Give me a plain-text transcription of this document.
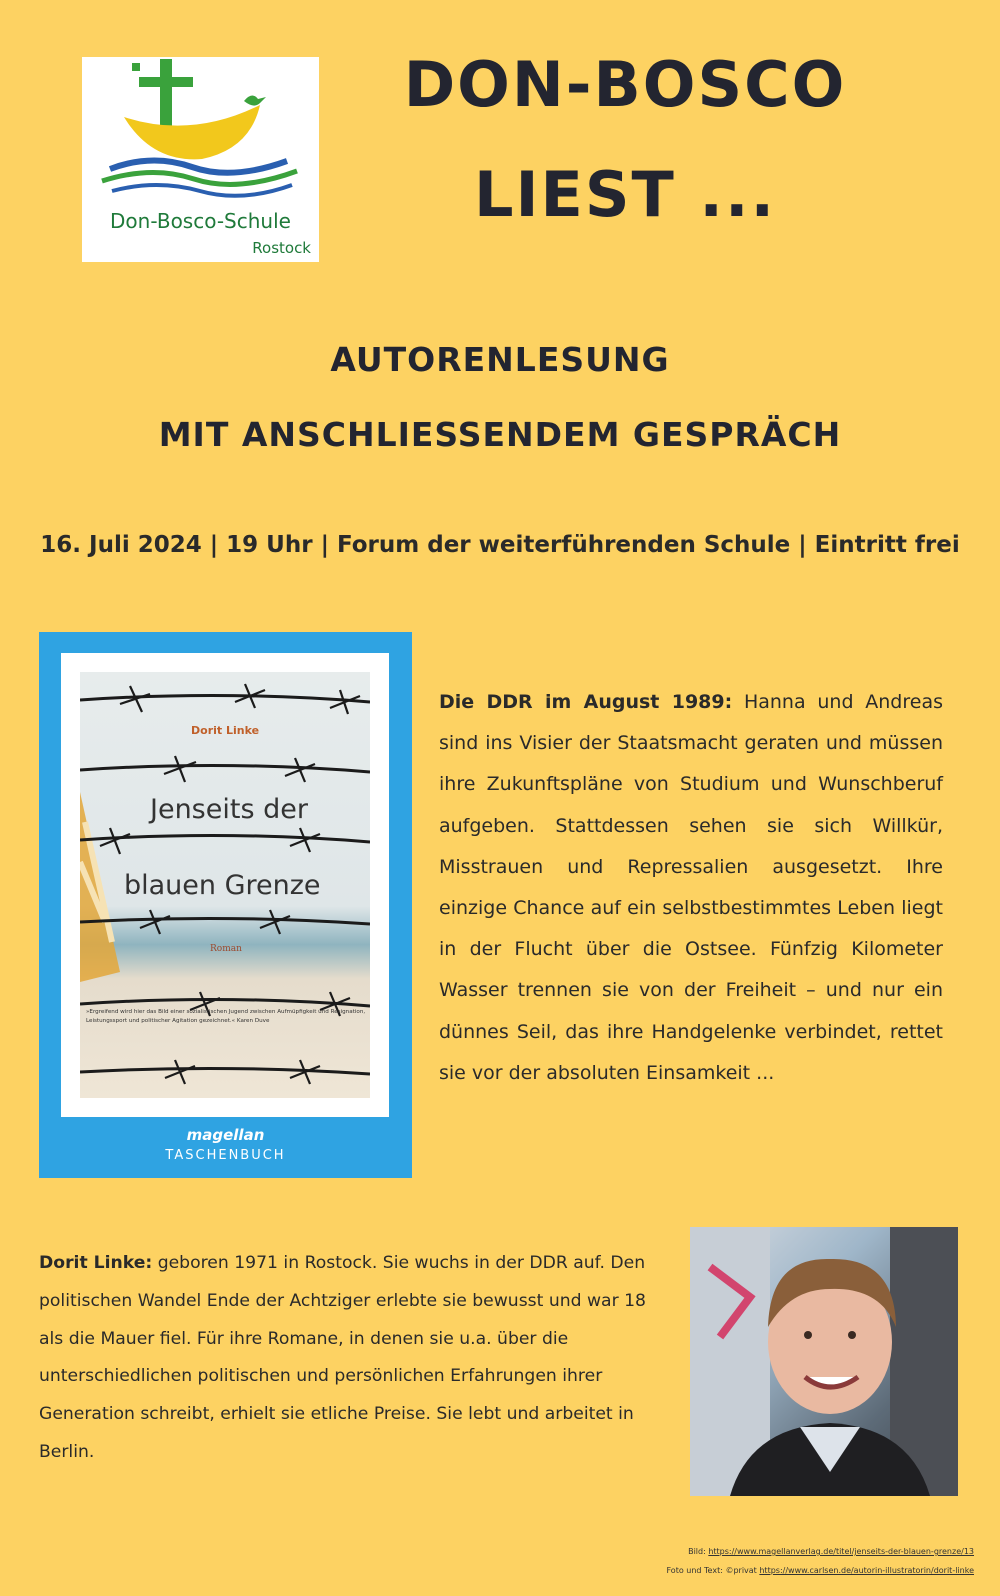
Don-Bosco-Schule
Rostock
DON-BOSCO
LIEST ...
AUTORENLESUNG
MIT ANSCHLIESSENDEM GESPRÄCH
16. Juli 2024 | 19 Uhr | Forum der weiterführenden Schule | Eintritt frei
Dorit Linke
Jenseits der
blauen Grenze
Roman
»Ergreifend wird hier das Bild einer sozialistischen Jugend zwischen Aufmüpfigkeit und Resignation, Leistungssport und politischer Agitation gezeichnet.« Karen Duve
magellan
TASCHENBUCH
Die DDR im August 1989: Hanna und Andreas sind ins Visier der Staatsmacht geraten und müssen ihre Zukunftspläne von Studium und Wunschberuf aufgeben. Stattdessen sehen sie sich Willkür, Misstrauen und Repressalien ausgesetzt. Ihre einzige Chance auf ein selbstbestimmtes Leben liegt in der Flucht über die Ostsee. Fünfzig Kilometer Wasser trennen sie von der Freiheit – und nur ein dünnes Seil, das ihre Handgelenke verbindet, rettet sie vor der absoluten Einsamkeit ...
Dorit Linke: geboren 1971 in Rostock. Sie wuchs in der DDR auf. Den politischen Wandel Ende der Achtziger erlebte sie bewusst und war 18 als die Mauer fiel. Für ihre Romane, in denen sie u.a. über die unterschiedlichen politischen und persönlichen Erfahrungen ihrer Generation schreibt, erhielt sie etliche Preise. Sie lebt und arbeitet in Berlin.
Bild: https://www.magellanverlag.de/titel/jenseits-der-blauen-grenze/13
Foto und Text: ©privat https://www.carlsen.de/autorin-illustratorin/dorit-linke
